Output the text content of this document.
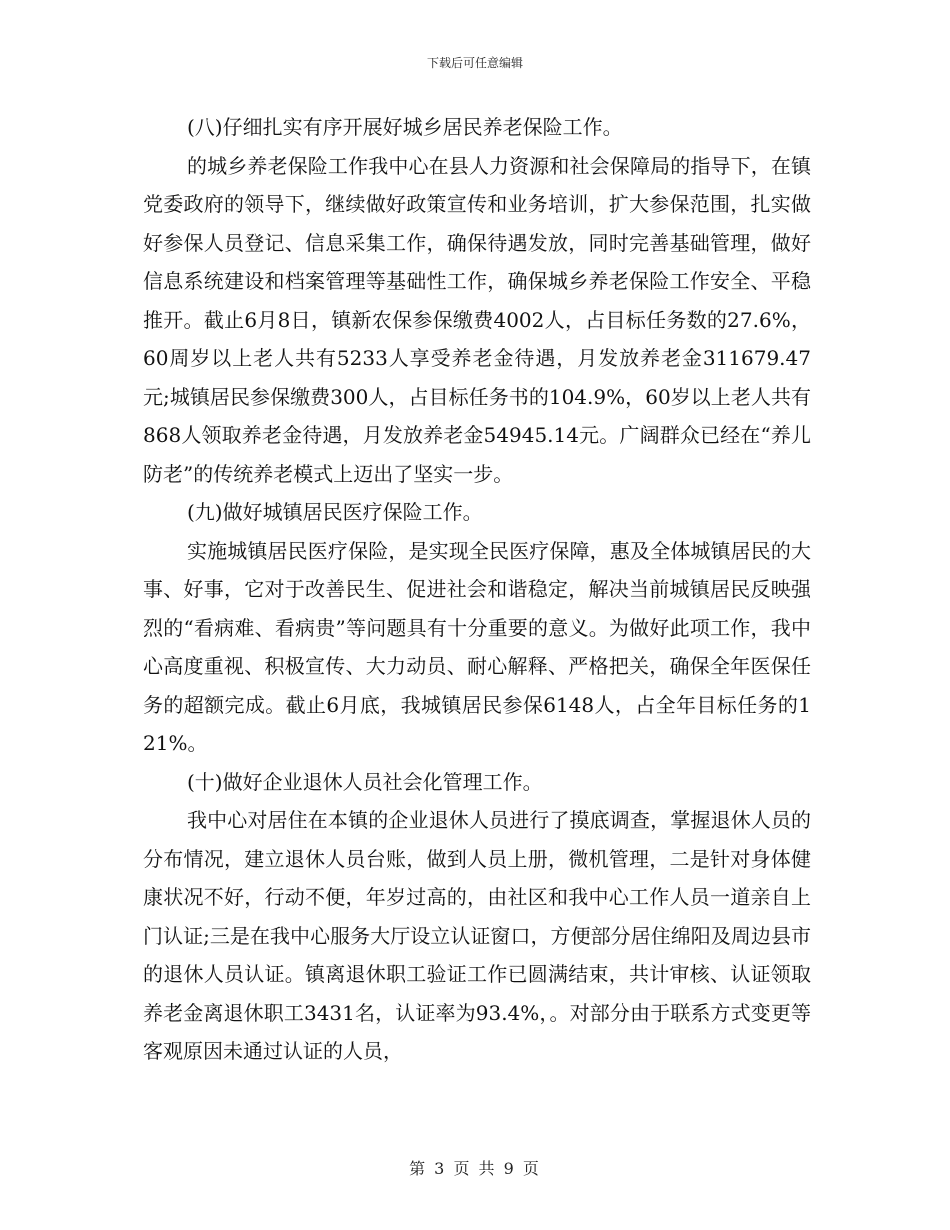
下载后可任意编辑

(八)仔细扎实有序开展好城乡居民养老保险工作。

的城乡养老保险工作我中心在县人力资源和社会保障局的指导下，在镇党委政府的领导下，继续做好政策宣传和业务培训，扩大参保范围，扎实做好参保人员登记、信息采集工作，确保待遇发放，同时完善基础管理，做好信息系统建设和档案管理等基础性工作，确保城乡养老保险工作安全、平稳推开。截止6月8日，镇新农保参保缴费4002人，占目标任务数的27.6%，60周岁以上老人共有5233人享受养老金待遇，月发放养老金311679.47元;城镇居民参保缴费300人，占目标任务书的104.9%，60岁以上老人共有868人领取养老金待遇，月发放养老金54945.14元。广阔群众已经在“养儿防老”的传统养老模式上迈出了坚实一步。

(九)做好城镇居民医疗保险工作。

实施城镇居民医疗保险，是实现全民医疗保障，惠及全体城镇居民的大事、好事，它对于改善民生、促进社会和谐稳定，解决当前城镇居民反映强烈的“看病难、看病贵”等问题具有十分重要的意义。为做好此项工作，我中心高度重视、积极宣传、大力动员、耐心解释、严格把关，确保全年医保任务的超额完成。截止6月底，我城镇居民参保6148人，占全年目标任务的121%。

(十)做好企业退休人员社会化管理工作。

我中心对居住在本镇的企业退休人员进行了摸底调查，掌握退休人员的分布情况，建立退休人员台账，做到人员上册，微机管理，二是针对身体健康状况不好，行动不便，年岁过高的，由社区和我中心工作人员一道亲自上门认证;三是在我中心服务大厅设立认证窗口，方便部分居住绵阳及周边县市的退休人员认证。镇离退休职工验证工作已圆满结束，共计审核、认证领取养老金离退休职工3431名，认证率为93.4%，。对部分由于联系方式变更等客观原因未通过认证的人员，

第 3 页 共 9 页
